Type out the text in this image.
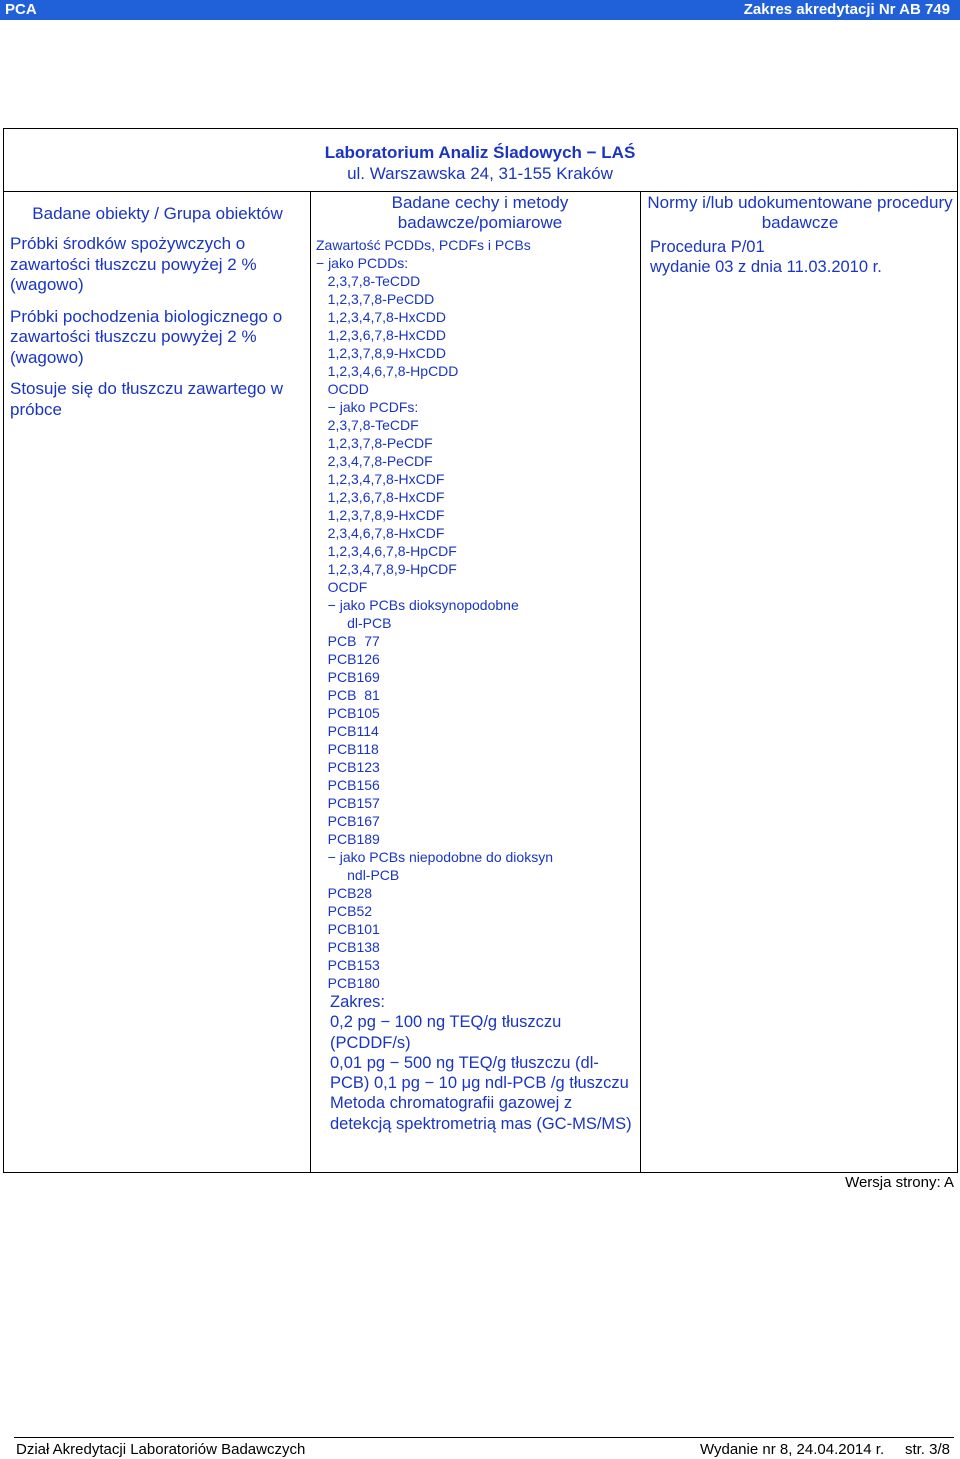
PCA	Zakres akredytacji Nr AB 749
Laboratorium Analiz Śladowych − LAŚ
ul. Warszawska 24, 31-155 Kraków
Badane obiekty / Grupa obiektów

Próbki środków spożywczych o zawartości tłuszczu powyżej 2 % (wagowo)

Próbki pochodzenia biologicznego o zawartości tłuszczu powyżej 2 % (wagowo)

Stosuje się do tłuszczu zawartego w próbce

Badane cechy i metody badawcze/pomiarowe
Zawartość PCDDs, PCDFs i PCBs
− jako PCDDs:
2,3,7,8-TeCDD
1,2,3,7,8-PeCDD
1,2,3,4,7,8-HxCDD
1,2,3,6,7,8-HxCDD
1,2,3,7,8,9-HxCDD
1,2,3,4,6,7,8-HpCDD
OCDD
− jako PCDFs:
2,3,7,8-TeCDF
1,2,3,7,8-PeCDF
2,3,4,7,8-PeCDF
1,2,3,4,7,8-HxCDF
1,2,3,6,7,8-HxCDF
1,2,3,7,8,9-HxCDF
2,3,4,6,7,8-HxCDF
1,2,3,4,6,7,8-HpCDF
1,2,3,4,7,8,9-HpCDF
OCDF
− jako PCBs dioksynopodobne
dl-PCB
PCB  77
PCB126
PCB169
PCB  81
PCB105
PCB114
PCB118
PCB123
PCB156
PCB157
PCB167
PCB189
− jako PCBs niepodobne do dioksyn
ndl-PCB
PCB28
PCB52
PCB101
PCB138
PCB153
PCB180
Zakres:
0,2 pg − 100 ng TEQ/g tłuszczu (PCDDF/s)
0,01 pg − 500 ng TEQ/g tłuszczu (dl-PCB) 0,1 pg − 10 μg ndl-PCB /g tłuszczu
Metoda chromatografii gazowej z detekcją spektrometrią mas (GC-MS/MS)
Normy i/lub udokumentowane procedury badawcze
Procedura P/01
wydanie 03 z dnia 11.03.2010 r.
Wersja strony: A
Dział Akredytacji Laboratoriów Badawczych	Wydanie nr 8, 24.04.2014 r. str. 3/8
